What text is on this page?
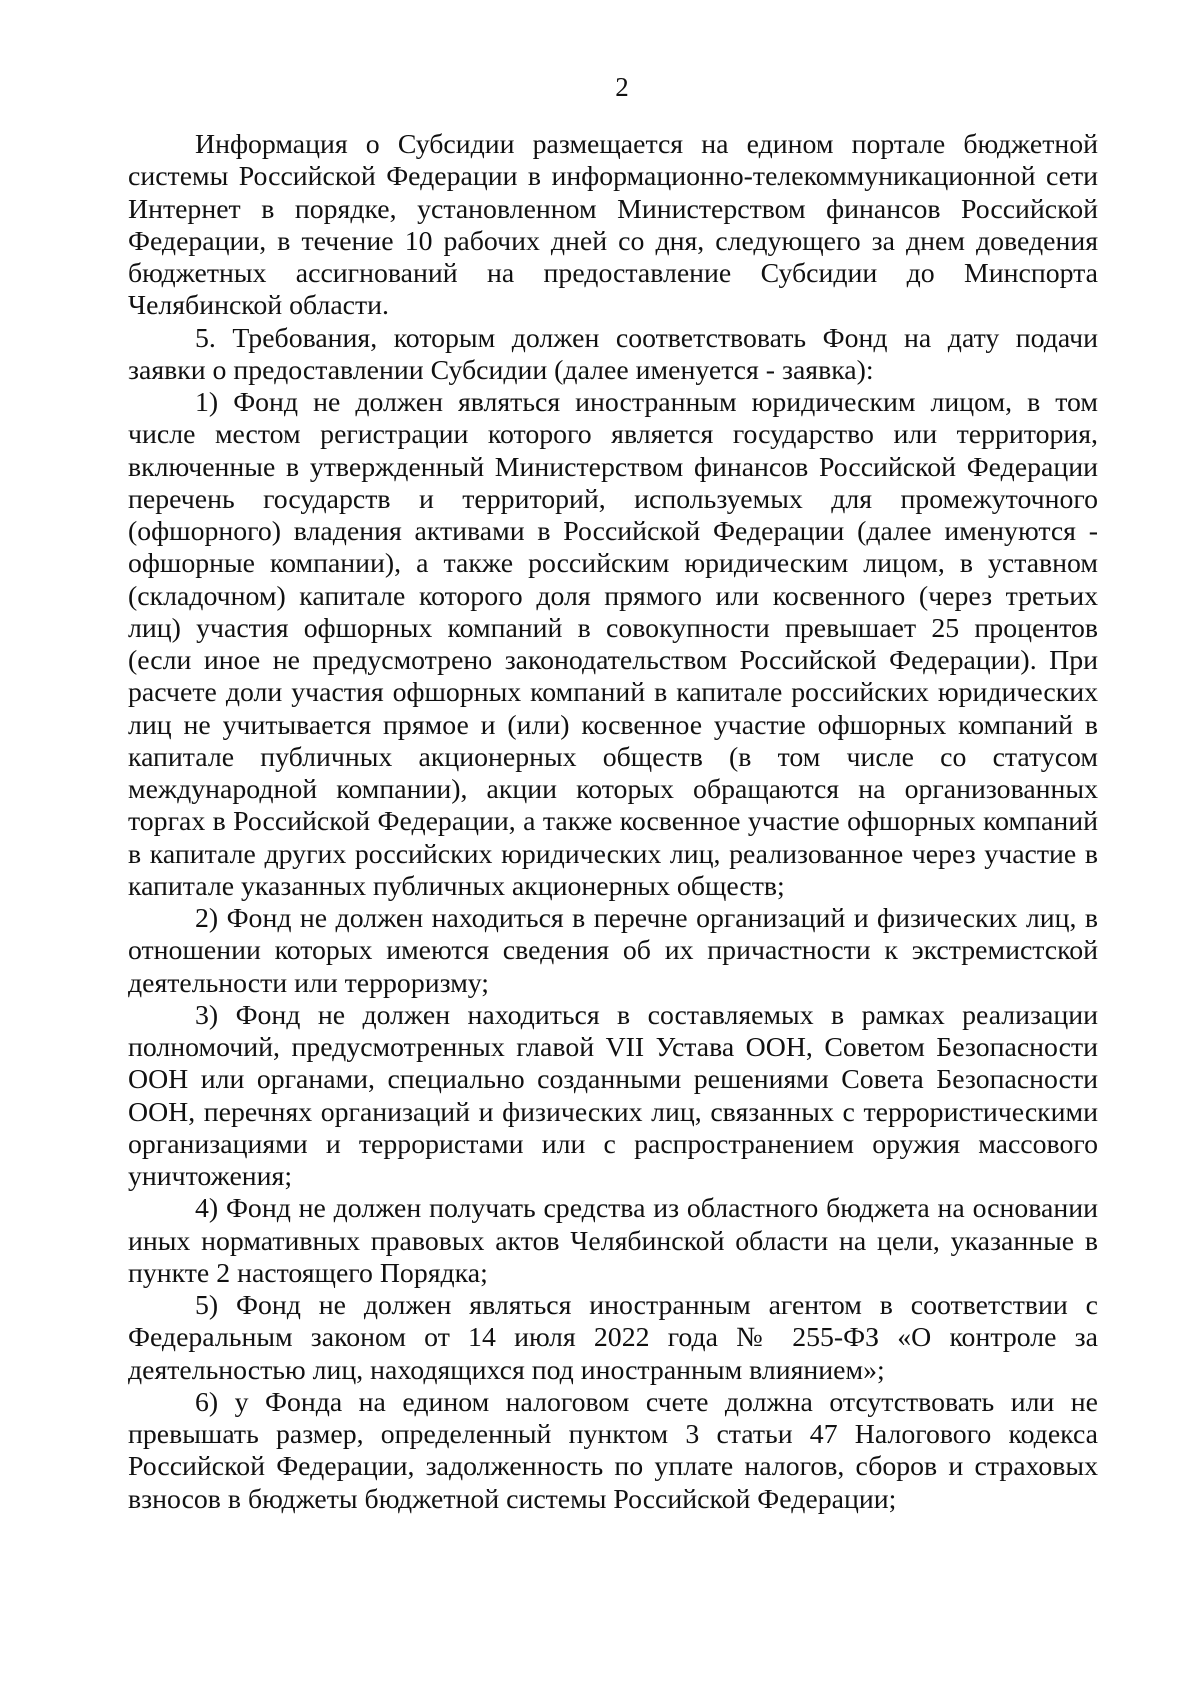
2

Информация о Субсидии размещается на едином портале бюджетной системы Российской Федерации в информационно-телекоммуникационной сети Интернет в порядке, установленном Министерством финансов Российской Федерации, в течение 10 рабочих дней со дня, следующего за днем доведения бюджетных ассигнований на предоставление Субсидии до Минспорта Челябинской области.

5. Требования, которым должен соответствовать Фонд на дату подачи заявки о предоставлении Субсидии (далее именуется - заявка):

1) Фонд не должен являться иностранным юридическим лицом, в том числе местом регистрации которого является государство или территория, включенные в утвержденный Министерством финансов Российской Федерации перечень государств и территорий, используемых для промежуточного (офшорного) владения активами в Российской Федерации (далее именуются - офшорные компании), а также российским юридическим лицом, в уставном (складочном) капитале которого доля прямого или косвенного (через третьих лиц) участия офшорных компаний в совокупности превышает 25 процентов (если иное не предусмотрено законодательством Российской Федерации). При расчете доли участия офшорных компаний в капитале российских юридических лиц не учитывается прямое и (или) косвенное участие офшорных компаний в капитале публичных акционерных обществ (в том числе со статусом международной компании), акции которых обращаются на организованных торгах в Российской Федерации, а также косвенное участие офшорных компаний в капитале других российских юридических лиц, реализованное через участие в капитале указанных публичных акционерных обществ;

2) Фонд не должен находиться в перечне организаций и физических лиц, в отношении которых имеются сведения об их причастности к экстремистской деятельности или терроризму;

3) Фонд не должен находиться в составляемых в рамках реализации полномочий, предусмотренных главой VII Устава ООН, Советом Безопасности ООН или органами, специально созданными решениями Совета Безопасности ООН, перечнях организаций и физических лиц, связанных с террористическими организациями и террористами или с распространением оружия массового уничтожения;

4) Фонд не должен получать средства из областного бюджета на основании иных нормативных правовых актов Челябинской области на цели, указанные в пункте 2 настоящего Порядка;

5) Фонд не должен являться иностранным агентом в соответствии с Федеральным законом от 14 июля 2022 года № 255-ФЗ «О контроле за деятельностью лиц, находящихся под иностранным влиянием»;

6) у Фонда на едином налоговом счете должна отсутствовать или не превышать размер, определенный пунктом 3 статьи 47 Налогового кодекса Российской Федерации, задолженность по уплате налогов, сборов и страховых взносов в бюджеты бюджетной системы Российской Федерации;
